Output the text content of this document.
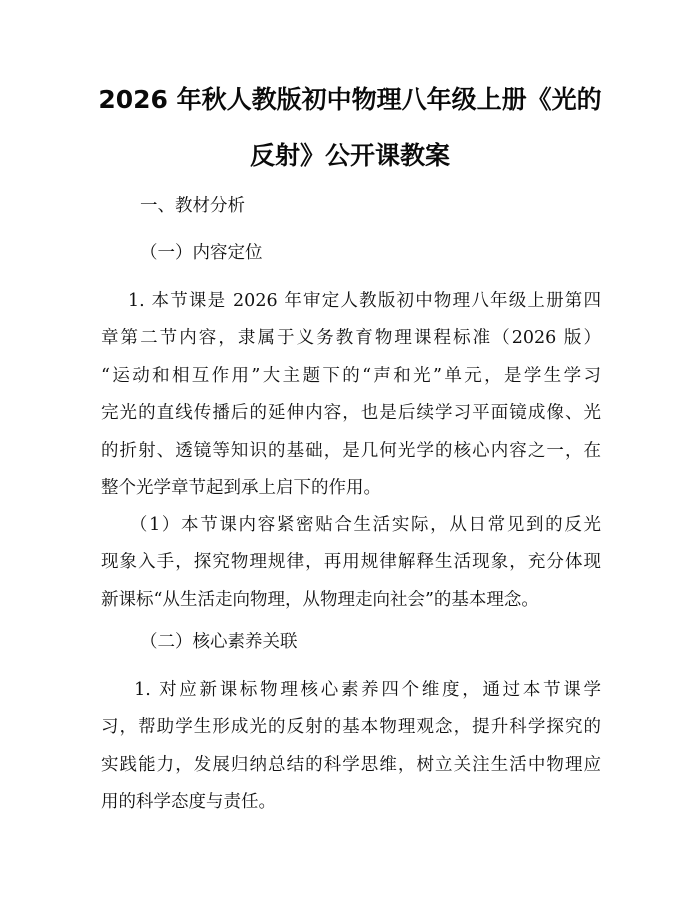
2026 年秋人教版初中物理八年级上册《光的
反射》公开课教案
一、教材分析
（一）内容定位
1. 本节课是 2026 年审定人教版初中物理八年级上册第四
章第二节内容，隶属于义务教育物理课程标准（2026 版）
“运动和相互作用”大主题下的“声和光”单元，是学生学习
完光的直线传播后的延伸内容，也是后续学习平面镜成像、光
的折射、透镜等知识的基础，是几何光学的核心内容之一，在
整个光学章节起到承上启下的作用。
（1）本节课内容紧密贴合生活实际，从日常见到的反光
现象入手，探究物理规律，再用规律解释生活现象，充分体现
新课标“从生活走向物理，从物理走向社会”的基本理念。
（二）核心素养关联
1. 对应新课标物理核心素养四个维度，通过本节课学
习，帮助学生形成光的反射的基本物理观念，提升科学探究的
实践能力，发展归纳总结的科学思维，树立关注生活中物理应
用的科学态度与责任。
